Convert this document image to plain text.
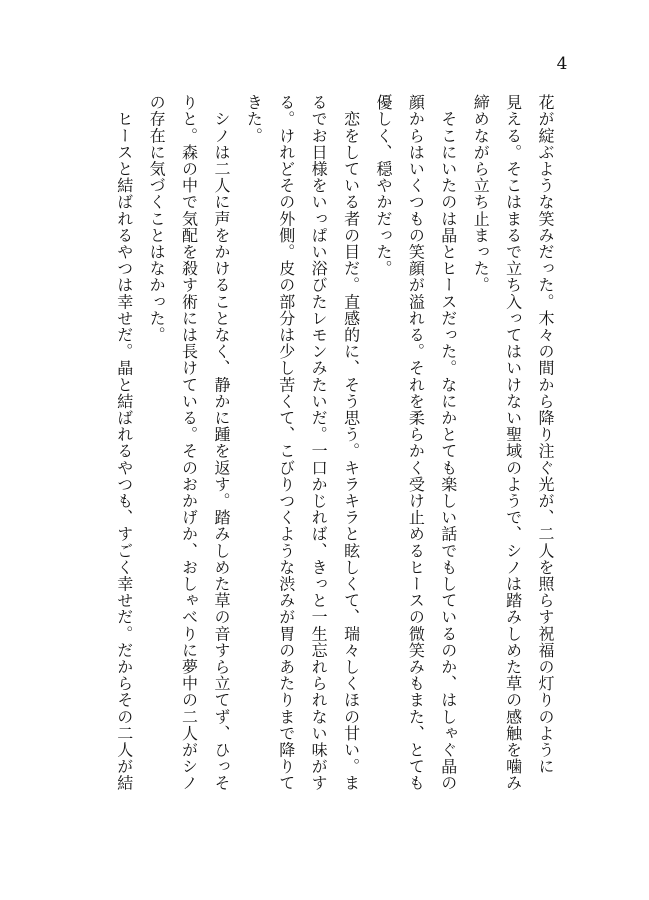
4

花が綻ぶような笑みだった。木々の間から降り注ぐ光が、二人を照らす祝福の灯りのように
見える。そこはまるで立ち入ってはいけない聖域のようで、シノは踏みしめた草の感触を噛み
締めながら立ち止まった。

　そこにいたのは晶とヒースだった。なにかとても楽しい話でもしているのか、はしゃぐ晶の
顔からはいくつもの笑顔が溢れる。それを柔らかく受け止めるヒースの微笑みもまた、とても
優しく、穏やかだった。

　恋をしている者の目だ。直感的に、そう思う。キラキラと眩しくて、瑞々しくほの甘い。ま
るでお日様をいっぱい浴びたレモンみたいだ。一口かじれば、きっと一生忘れられない味がす
る。けれどその外側。皮の部分は少し苦くて、こびりつくような渋みが胃のあたりまで降りて
きた。

　シノは二人に声をかけることなく、静かに踵を返す。踏みしめた草の音すら立てず、ひっそ
りと。森の中で気配を殺す術には長けている。そのおかげか、おしゃべりに夢中の二人がシノ
の存在に気づくことはなかった。

　ヒースと結ばれるやつは幸せだ。晶と結ばれるやつも、すごく幸せだ。だからその二人が結
